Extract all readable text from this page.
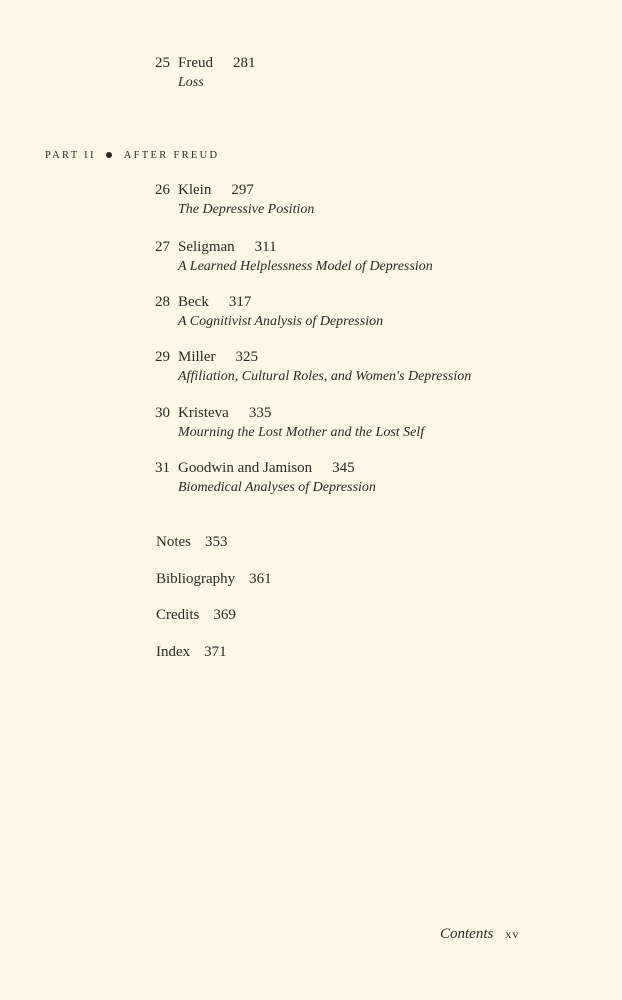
25 Freud 281
Loss
PART II	AFTER FREUD
26 Klein 297
The Depressive Position
27 Seligman 311
A Learned Helplessness Model of Depression
28 Beck 317
A Cognitivist Analysis of Depression
29 Miller 325
Affiliation, Cultural Roles, and Women's Depression
30 Kristeva 335
Mourning the Lost Mother and the Lost Self
31 Goodwin and Jamison 345
Biomedical Analyses of Depression
Notes 353
Bibliography 361
Credits 369
Index 371
Contents xv
